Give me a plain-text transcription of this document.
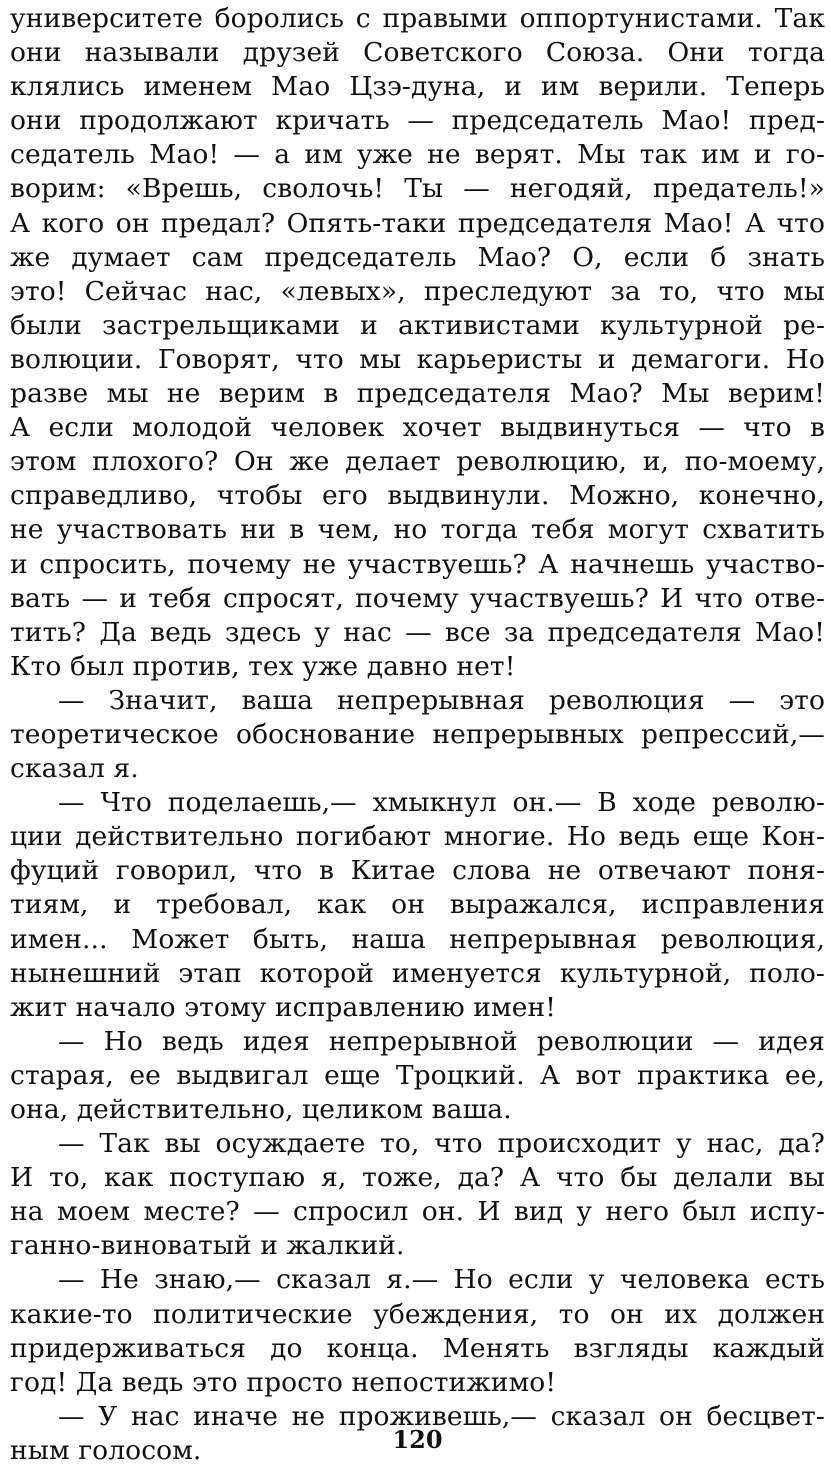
университете боролись с правыми оппортунистами. Так
они называли друзей Советского Союза. Они тогда
клялись именем Мао Цзэ-дуна, и им верили. Теперь
они продолжают кричать — председатель Мао! пред-
седатель Мао! — а им уже не верят. Мы так им и го-
ворим: «Врешь, сволочь! Ты — негодяй, предатель!»
А кого он предал? Опять-таки председателя Мао! А что
же думает сам председатель Мао? О, если б знать
это! Сейчас нас, «левых», преследуют за то, что мы
были застрельщиками и активистами культурной ре-
волюции. Говорят, что мы карьеристы и демагоги. Но
разве мы не верим в председателя Мао? Мы верим!
А если молодой человек хочет выдвинуться — что в
этом плохого? Он же делает революцию, и, по-моему,
справедливо, чтобы его выдвинули. Можно, конечно,
не участвовать ни в чем, но тогда тебя могут схватить
и спросить, почему не участвуешь? А начнешь участво-
вать — и тебя спросят, почему участвуешь? И что отве-
тить? Да ведь здесь у нас — все за председателя Мао!
Кто был против, тех уже давно нет!
— Значит, ваша непрерывная революция — это
теоретическое обоснование непрерывных репрессий,—
сказал я.
— Что поделаешь,— хмыкнул он.— В ходе револю-
ции действительно погибают многие. Но ведь еще Кон-
фуций говорил, что в Китае слова не отвечают поня-
тиям, и требовал, как он выражался, исправления
имен... Может быть, наша непрерывная революция,
нынешний этап которой именуется культурной, поло-
жит начало этому исправлению имен!
— Но ведь идея непрерывной революции — идея
старая, ее выдвигал еще Троцкий. А вот практика ее,
она, действительно, целиком ваша.
— Так вы осуждаете то, что происходит у нас, да?
И то, как поступаю я, тоже, да? А что бы делали вы
на моем месте? — спросил он. И вид у него был испу-
ганно-виноватый и жалкий.
— Не знаю,— сказал я.— Но если у человека есть
какие-то политические убеждения, то он их должен
придерживаться до конца. Менять взгляды каждый
год! Да ведь это просто непостижимо!
— У нас иначе не проживешь,— сказал он бесцвет-
ным голосом.	120
